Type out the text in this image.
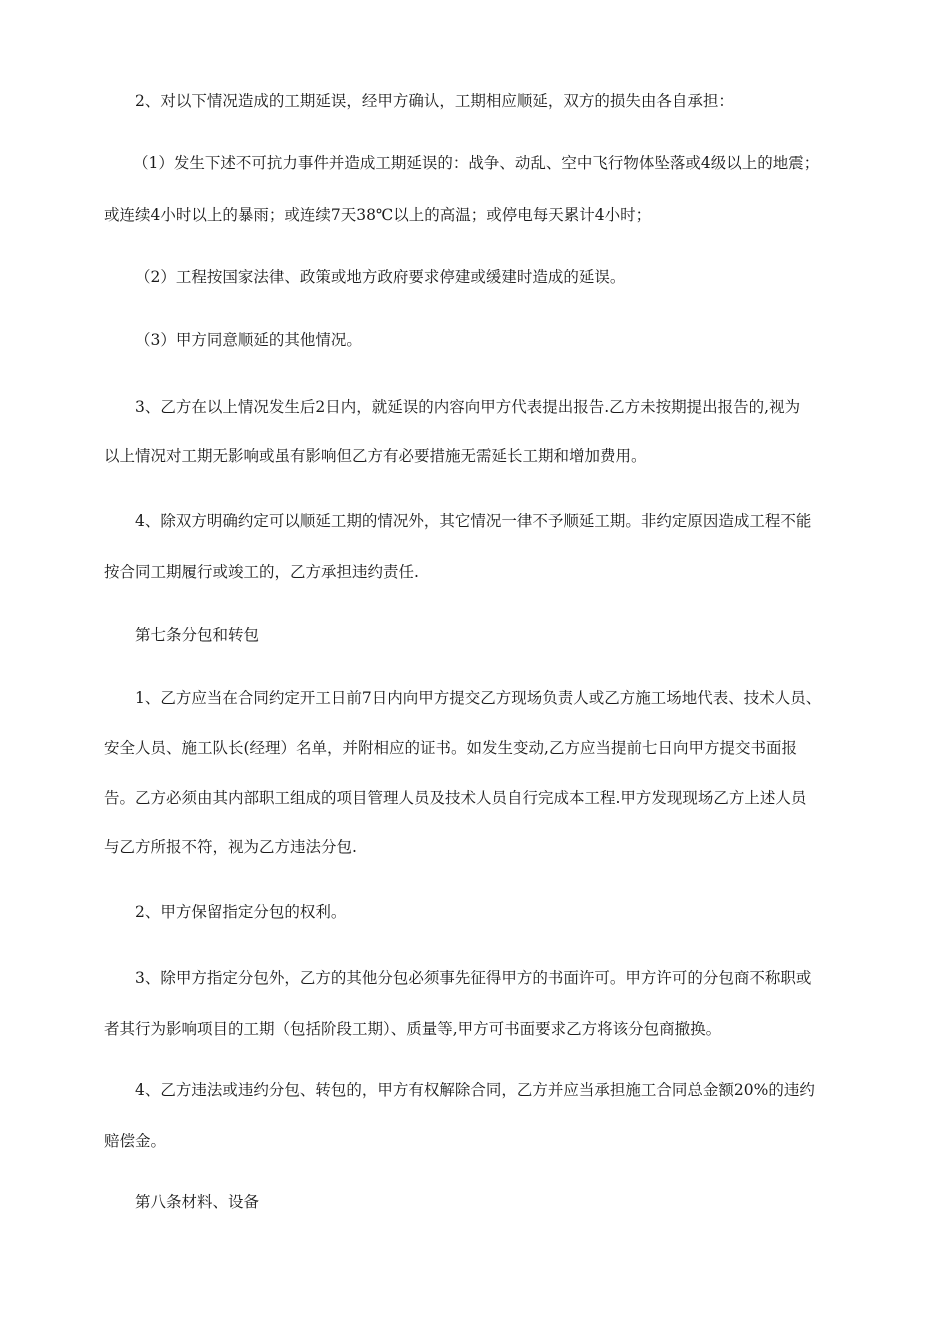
2、对以下情况造成的工期延误，经甲方确认，工期相应顺延，双方的损失由各自承担：
（1）发生下述不可抗力事件并造成工期延误的：战争、动乱、空中飞行物体坠落或4级以上的地震；
或连续4小时以上的暴雨；或连续7天38℃以上的高温；或停电每天累计4小时；
（2）工程按国家法律、政策或地方政府要求停建或缓建时造成的延误。
（3）甲方同意顺延的其他情况。
3、乙方在以上情况发生后2日内，就延误的内容向甲方代表提出报告.乙方未按期提出报告的,视为
以上情况对工期无影响或虽有影响但乙方有必要措施无需延长工期和增加费用。
4、除双方明确约定可以顺延工期的情况外，其它情况一律不予顺延工期。非约定原因造成工程不能
按合同工期履行或竣工的，乙方承担违约责任.
第七条分包和转包
1、乙方应当在合同约定开工日前7日内向甲方提交乙方现场负责人或乙方施工场地代表、技术人员、
安全人员、施工队长(经理）名单，并附相应的证书。如发生变动,乙方应当提前七日向甲方提交书面报
告。乙方必须由其内部职工组成的项目管理人员及技术人员自行完成本工程.甲方发现现场乙方上述人员
与乙方所报不符，视为乙方违法分包.
2、甲方保留指定分包的权利。
3、除甲方指定分包外，乙方的其他分包必须事先征得甲方的书面许可。甲方许可的分包商不称职或
者其行为影响项目的工期（包括阶段工期）、质量等,甲方可书面要求乙方将该分包商撤换。
4、乙方违法或违约分包、转包的，甲方有权解除合同，乙方并应当承担施工合同总金额20%的违约
赔偿金。
第八条材料、设备
